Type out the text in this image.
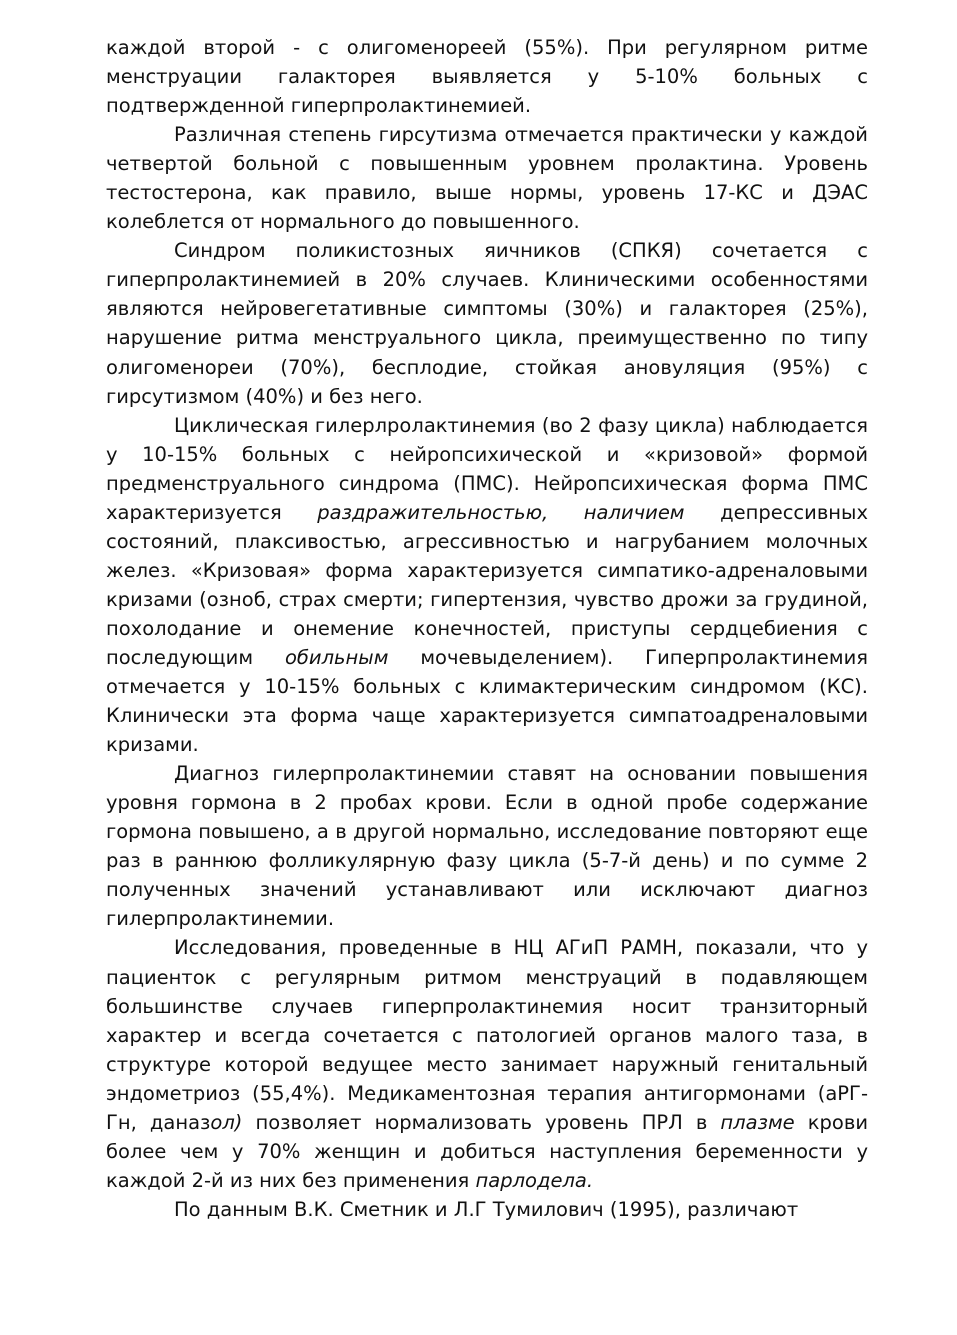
каждой второй - с олигоменореей (55%). При регулярном ритме менструации галакторея выявляется у 5-10% больных с подтвержденной гиперпролактинемией.

Различная степень гирсутизма отмечается практически у каждой четвертой больной с повышенным уровнем пролактина. Уровень тестостерона, как правило, выше нормы, уровень 17-КС и ДЭАС колеблется от нормального до повышенного.

Синдром поликистозных яичников (СПКЯ) сочетается с гиперпролактинемией в 20% случаев. Клиническими особенностями являются нейровегетативные симптомы (30%) и галакторея (25%), нарушение ритма менструального цикла, преимущественно по типу олигоменореи (70%), бесплодие, стойкая ановуляция (95%) с гирсутизмом (40%) и без него.

Циклическая гилерлролактинемия (во 2 фазу цикла) наблюдается у 10-15% больных с нейропсихической и «кризовой» формой предменструального синдрома (ПМС). Нейропсихическая форма ПМС характеризуется раздражительностью, наличием депрессивных состояний, плаксивостью, агрессивностью и нагрубанием молочных желез. «Кризовая» форма характеризуется симпатико-адреналовыми кризами (озноб, страх смерти; гипертензия, чувство дрожи за грудиной, похолодание и онемение конечностей, приступы сердцебиения с последующим обильным мочевыделением). Гиперпролактинемия отмечается у 10-15% больных с климактерическим синдромом (КС). Клинически эта форма чаще характеризуется симпатоадреналовыми кризами.

Диагноз гилерпролактинемии ставят на основании повышения уровня гормона в 2 пробах крови. Если в одной пробе содержание гормона повышено, а в другой нормально, исследование повторяют еще раз в раннюю фолликулярную фазу цикла (5-7-й день) и по сумме 2 полученных значений устанавливают или исключают диагноз гилерпролактинемии.

Исследования, проведенные в НЦ АГиП РАМН, показали, что у пациенток с регулярным ритмом менструаций в подавляющем большинстве случаев гиперпролактинемия носит транзиторный характер и всегда сочетается с патологией органов малого таза, в структуре которой ведущее место занимает наружный генитальный эндометриоз (55,4%). Медикаментозная терапия антигормонами (аРГ-Гн, даназол) позволяет нормализовать уровень ПРЛ в плазме крови более чем у 70% женщин и добиться наступления беременности у каждой 2-й из них без применения парлодела.

По данным В.К. Сметник и Л.Г Тумилович (1995), различают
